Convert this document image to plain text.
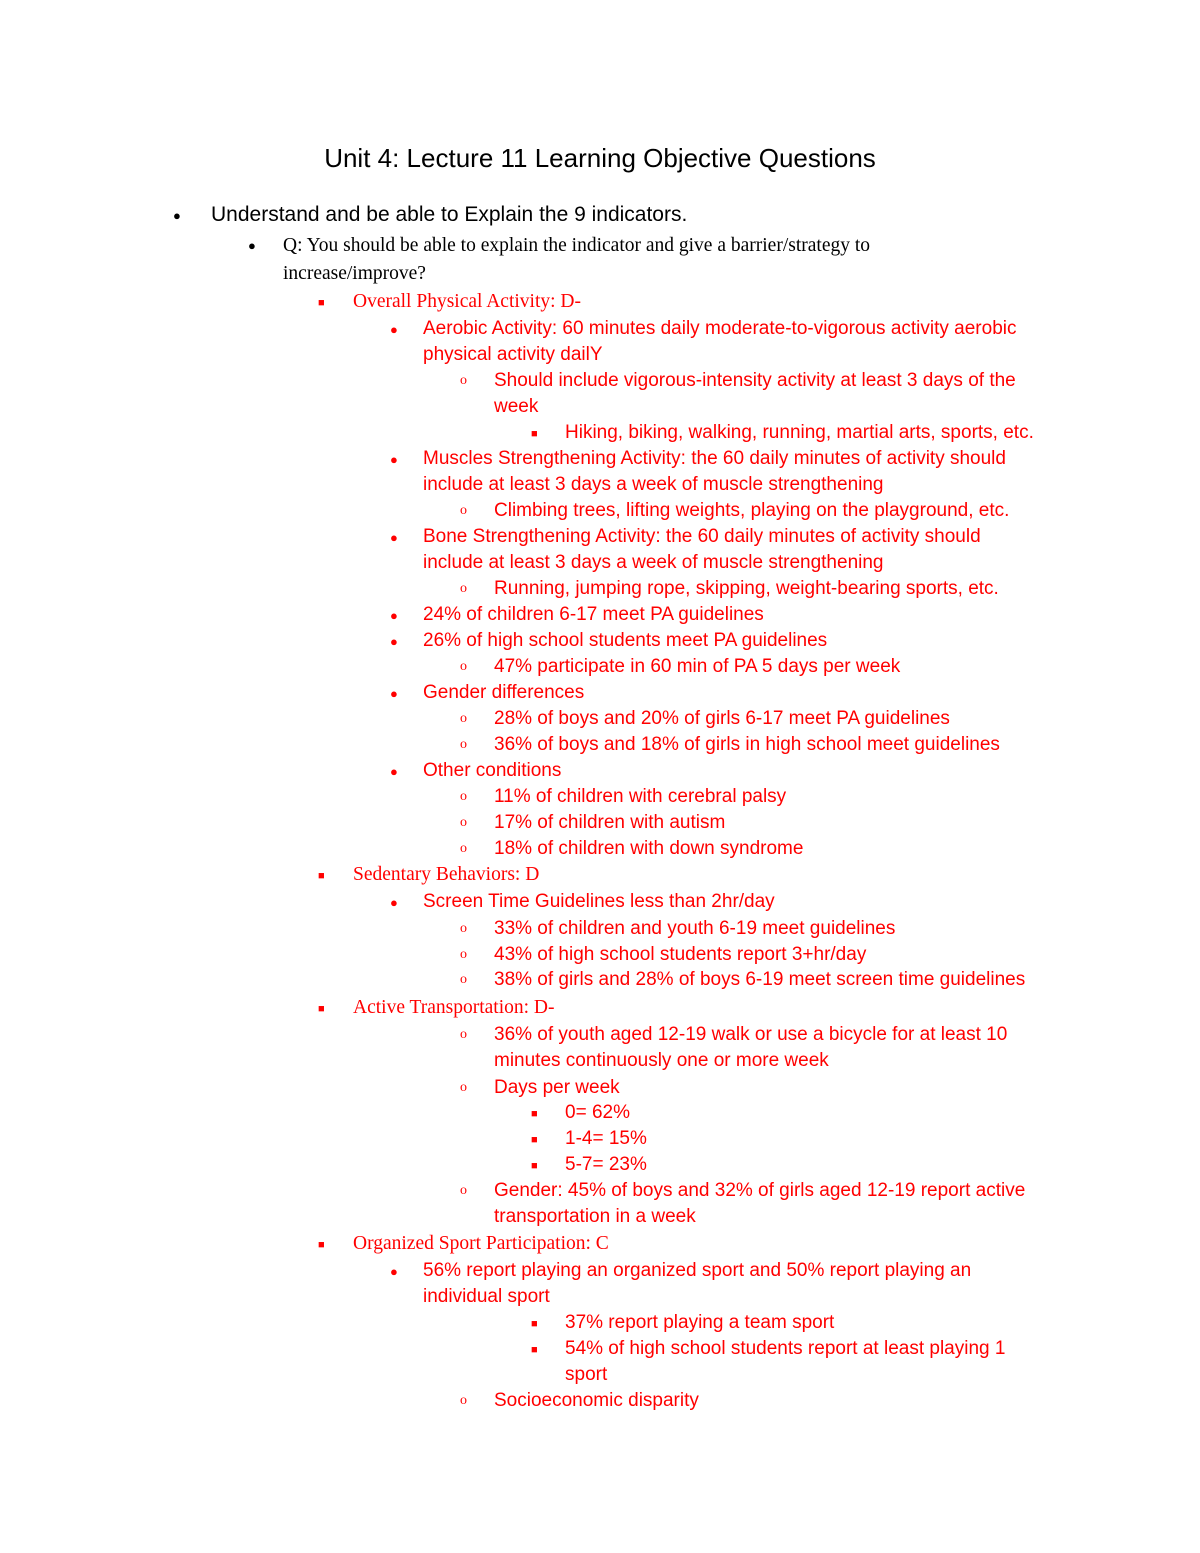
Unit 4: Lecture 11 Learning Objective Questions
● Understand and be able to Explain the 9 indicators.
● Q: You should be able to explain the indicator and give a barrier/strategy to
increase/improve?
■ Overall Physical Activity: D-
● Aerobic Activity: 60 minutes daily moderate-to-vigorous activity aerobic
physical activity dailY
o Should include vigorous-intensity activity at least 3 days of the
week
■ Hiking, biking, walking, running, martial arts, sports, etc.
● Muscles Strengthening Activity: the 60 daily minutes of activity should
include at least 3 days a week of muscle strengthening
o Climbing trees, lifting weights, playing on the playground, etc.
● Bone Strengthening Activity: the 60 daily minutes of activity should
include at least 3 days a week of muscle strengthening
o Running, jumping rope, skipping, weight-bearing sports, etc.
● 24% of children 6-17 meet PA guidelines
● 26% of high school students meet PA guidelines
o 47% participate in 60 min of PA 5 days per week
● Gender differences
o 28% of boys and 20% of girls 6-17 meet PA guidelines
o 36% of boys and 18% of girls in high school meet guidelines
● Other conditions
o 11% of children with cerebral palsy
o 17% of children with autism
o 18% of children with down syndrome
■ Sedentary Behaviors: D
● Screen Time Guidelines less than 2hr/day
o 33% of children and youth 6-19 meet guidelines
o 43% of high school students report 3+hr/day
o 38% of girls and 28% of boys 6-19 meet screen time guidelines
■ Active Transportation: D-
o 36% of youth aged 12-19 walk or use a bicycle for at least 10
minutes continuously one or more week
o Days per week
■ 0= 62%
■ 1-4= 15%
■ 5-7= 23%
o Gender: 45% of boys and 32% of girls aged 12-19 report active
transportation in a week
■ Organized Sport Participation: C
● 56% report playing an organized sport and 50% report playing an
individual sport
■ 37% report playing a team sport
■ 54% of high school students report at least playing 1
sport
o Socioeconomic disparity
